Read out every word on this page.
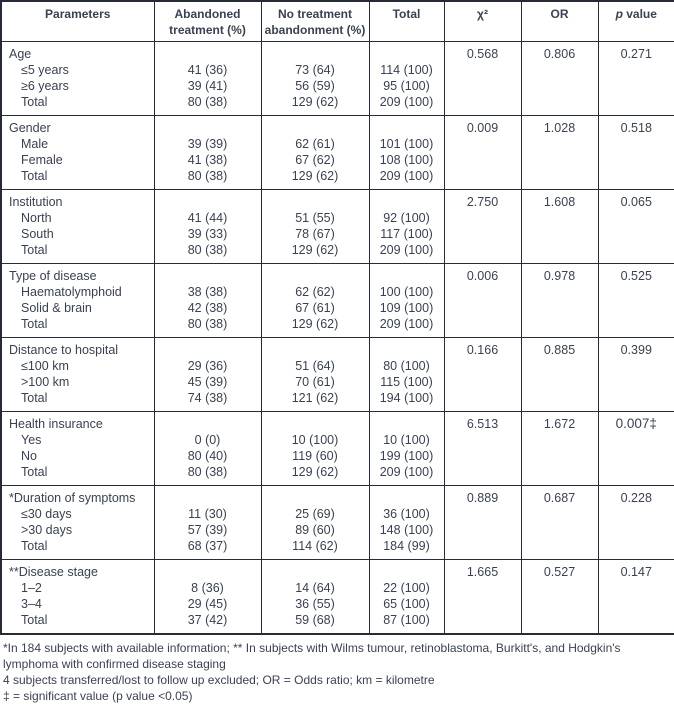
Parameters	Abandoned treatment (%)	No treatment abandonment (%)	Total	χ²	OR	p value
Age				0.568	0.806	0.271
≤5 years	41 (36)	73 (64)	114 (100)			
≥6 years	39 (41)	56 (59)	95 (100)			
Total	80 (38)	129 (62)	209 (100)			
Gender				0.009	1.028	0.518
Male	39 (39)	62 (61)	101 (100)			
Female	41 (38)	67 (62)	108 (100)			
Total	80 (38)	129 (62)	209 (100)			
Institution				2.750	1.608	0.065
North	41 (44)	51 (55)	92 (100)			
South	39 (33)	78 (67)	117 (100)			
Total	80 (38)	129 (62)	209 (100)			
Type of disease				0.006	0.978	0.525
Haematolymphoid	38 (38)	62 (62)	100 (100)			
Solid & brain	42 (38)	67 (61)	109 (100)			
Total	80 (38)	129 (62)	209 (100)			
Distance to hospital				0.166	0.885	0.399
≤100 km	29 (36)	51 (64)	80 (100)			
>100 km	45 (39)	70 (61)	115 (100)			
Total	74 (38)	121 (62)	194 (100)			
Health insurance				6.513	1.672	0.007‡
Yes	0 (0)	10 (100)	10 (100)			
No	80 (40)	119 (60)	199 (100)			
Total	80 (38)	129 (62)	209 (100)			
*Duration of symptoms				0.889	0.687	0.228
≤30 days	11 (30)	25 (69)	36 (100)			
>30 days	57 (39)	89 (60)	148 (100)			
Total	68 (37)	114 (62)	184 (99)			
**Disease stage				1.665	0.527	0.147
1–2	8 (36)	14 (64)	22 (100)			
3–4	29 (45)	36 (55)	65 (100)			
Total	37 (42)	59 (68)	87 (100)			
*In 184 subjects with available information; ** In subjects with Wilms tumour, retinoblastoma, Burkitt's, and Hodgkin's
lymphoma with confirmed disease staging
4 subjects transferred/lost to follow up excluded; OR = Odds ratio; km = kilometre
‡ = significant value (p value <0.05)
